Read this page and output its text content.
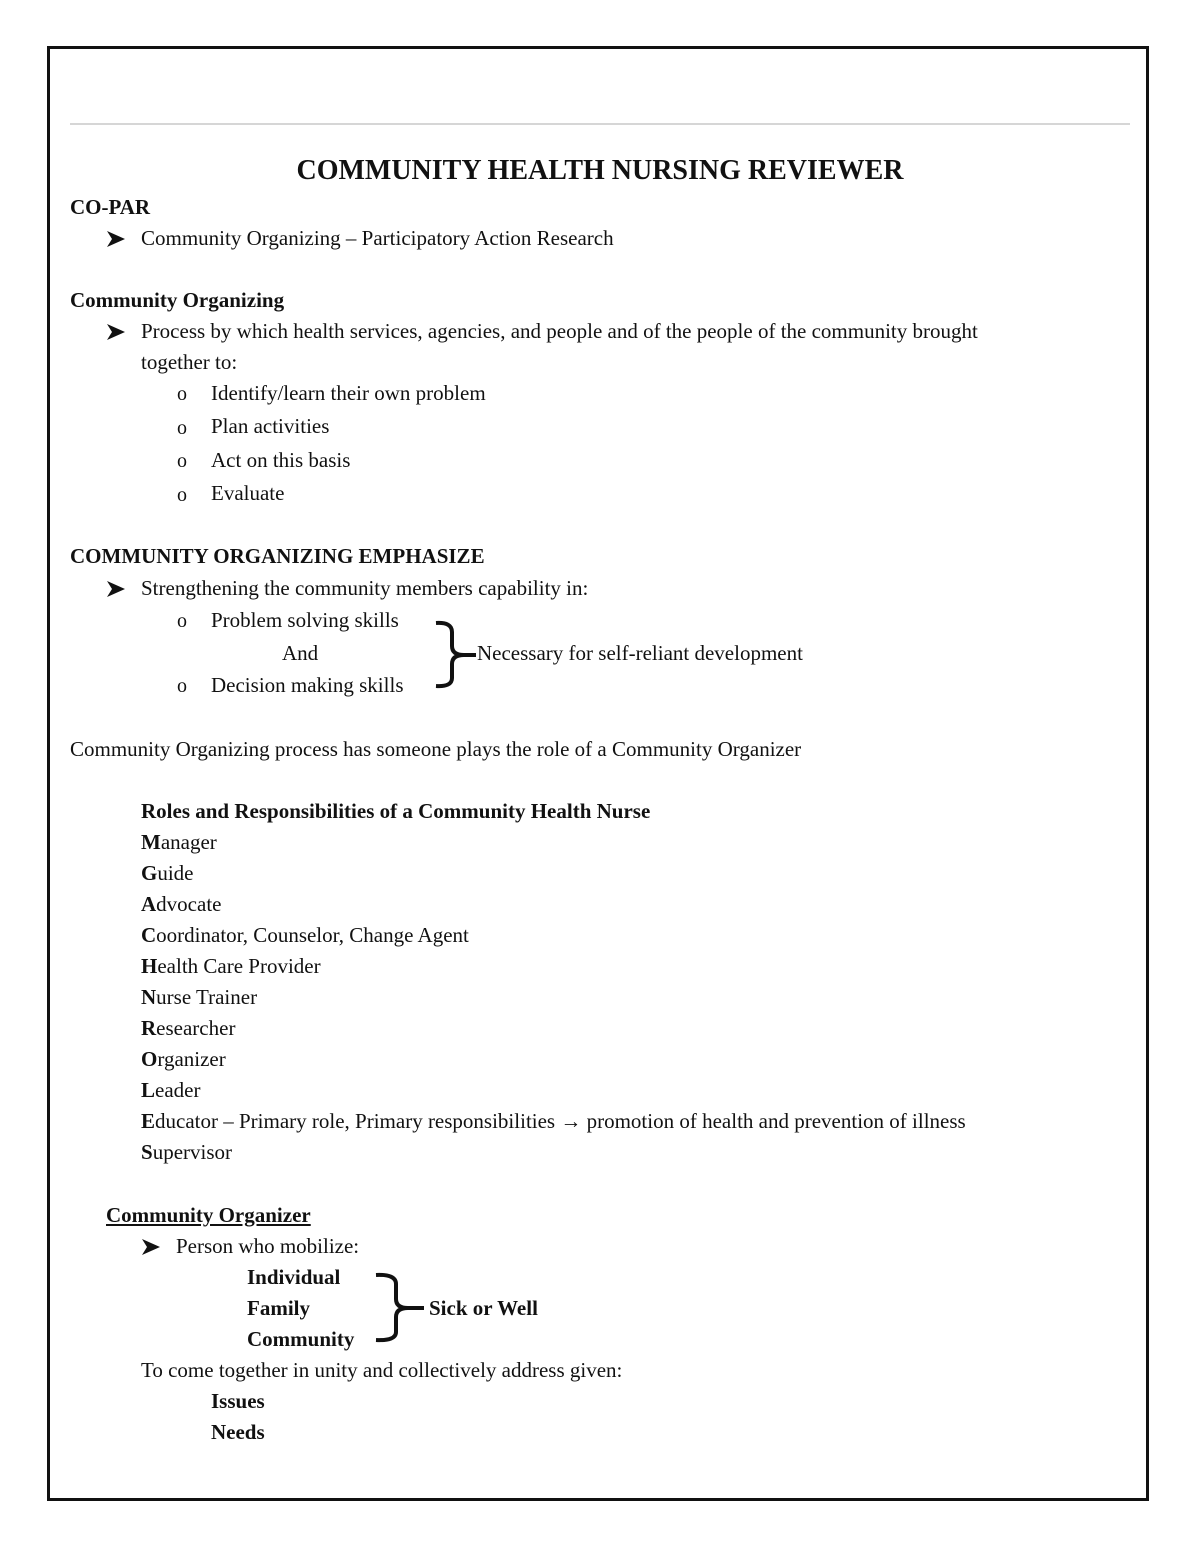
COMMUNITY HEALTH NURSING REVIEWER
CO-PAR
Community Organizing – Participatory Action Research
Community Organizing
Process by which health services, agencies, and people and of the people of the community brought
together to:
o Identify/learn their own problem
o Plan activities
o Act on this basis
o Evaluate
COMMUNITY ORGANIZING EMPHASIZE
Strengthening the community members capability in:
o Problem solving skills
And
o Decision making skills
Necessary for self-reliant development
Community Organizing process has someone plays the role of a Community Organizer
Roles and Responsibilities of a Community Health Nurse
Manager
Guide
Advocate
Coordinator, Counselor, Change Agent
Health Care Provider
Nurse Trainer
Researcher
Organizer
Leader
Educator – Primary role, Primary responsibilities → promotion of health and prevention of illness
Supervisor
Community Organizer
Person who mobilize:
Individual
Family
Community
Sick or Well
To come together in unity and collectively address given:
Issues
Needs
